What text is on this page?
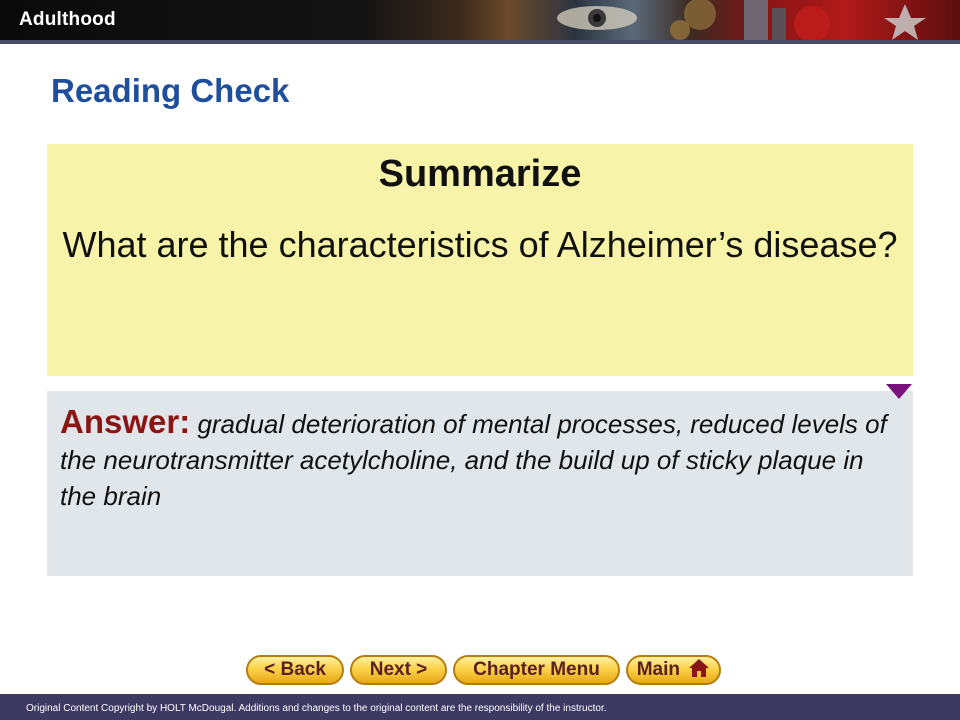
Adulthood
Reading Check
Summarize
What are the characteristics of Alzheimer’s disease?
Answer: gradual deterioration of mental processes, reduced levels of the neurotransmitter acetylcholine, and the build up of sticky plaque in the brain
< Back	Next >	Chapter Menu	Main
Original Content Copyright by HOLT McDougal. Additions and changes to the original content are the responsibility of the instructor.
